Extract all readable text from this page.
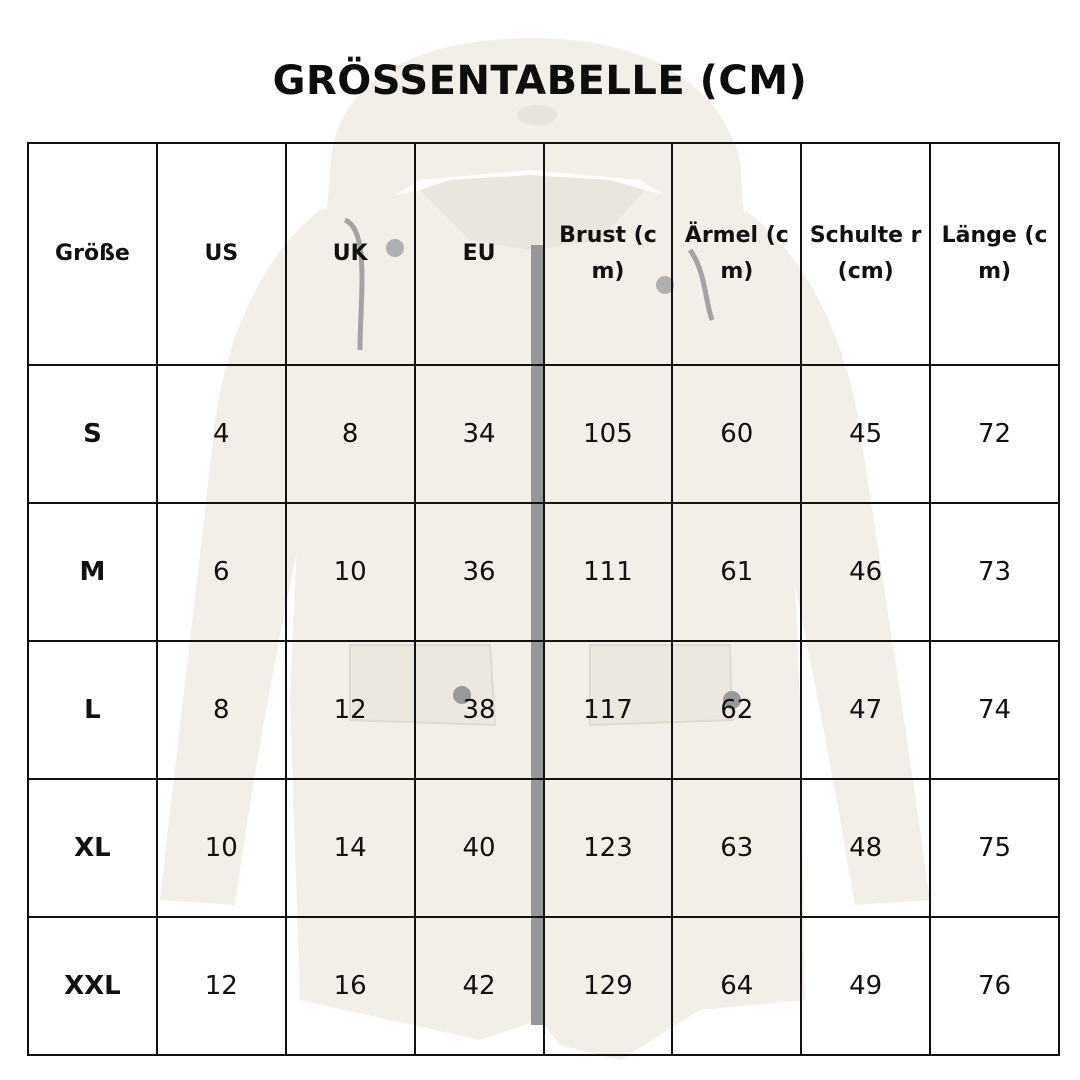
GRÖSSENTABELLE (CM)
Größe	US	UK	EU	Brust (cm)	Ärmel (cm)	Schulte r (cm)	Länge (cm)
S	4	8	34	105	60	45	72
M	6	10	36	111	61	46	73
L	8	12	38	117	62	47	74
XL	10	14	40	123	63	48	75
XXL	12	16	42	129	64	49	76
